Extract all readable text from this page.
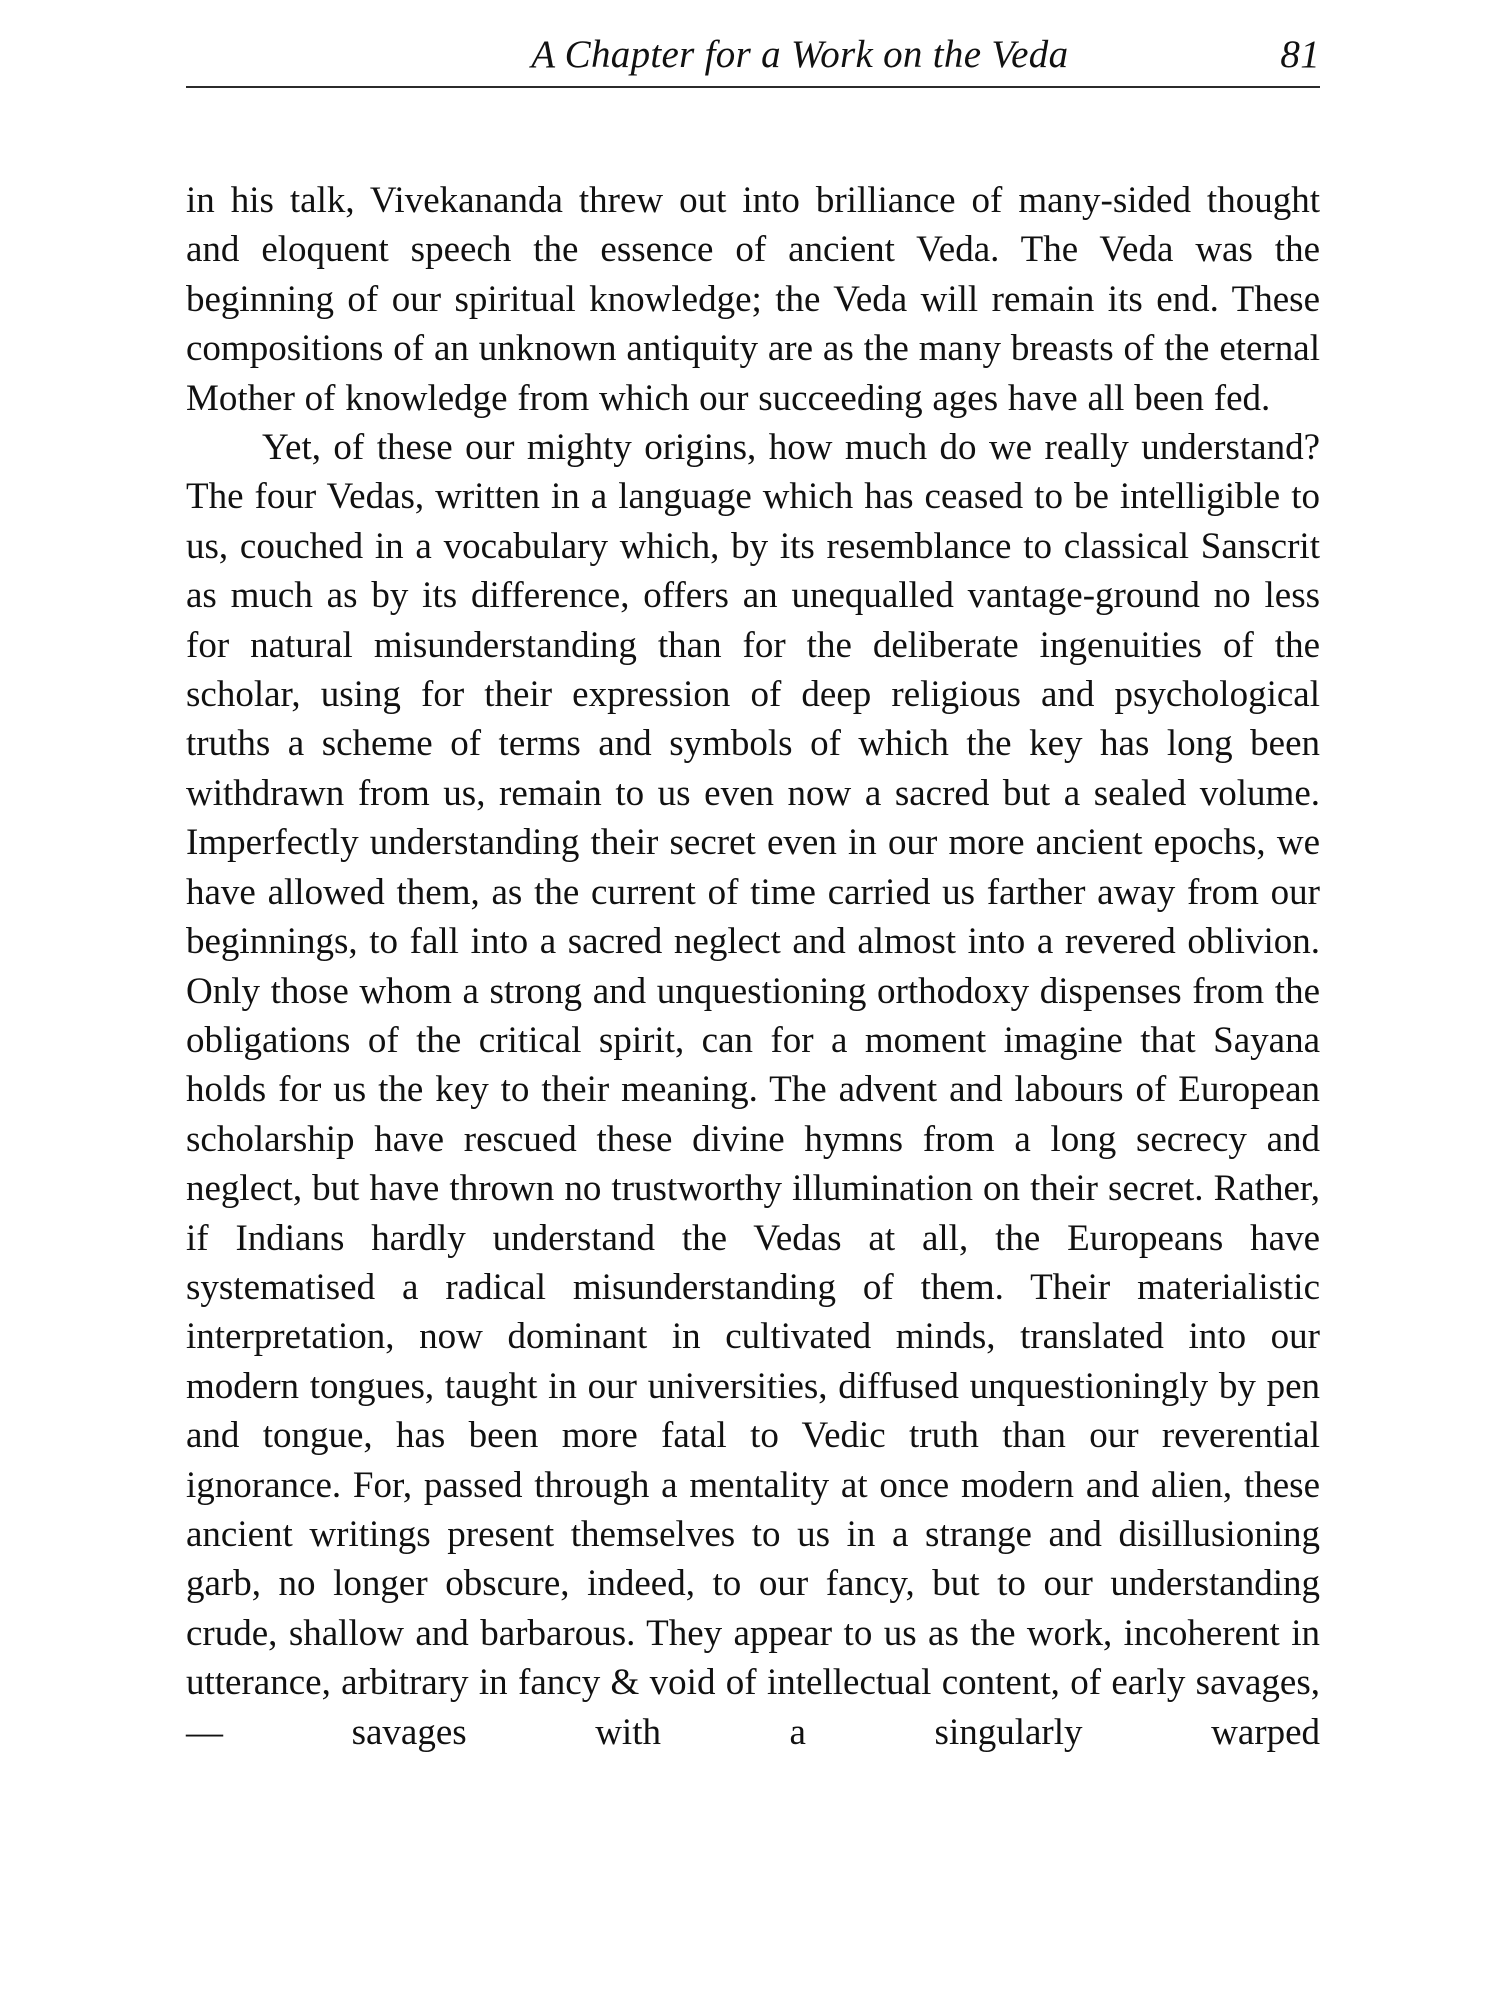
A Chapter for a Work on the Veda	81

in his talk, Vivekananda threw out into brilliance of many-sided thought and eloquent speech the essence of ancient Veda. The Veda was the beginning of our spiritual knowledge; the Veda will remain its end. These compositions of an unknown antiquity are as the many breasts of the eternal Mother of knowledge from which our succeeding ages have all been fed.

Yet, of these our mighty origins, how much do we really understand? The four Vedas, written in a language which has ceased to be intelligible to us, couched in a vocabulary which, by its resemblance to classical Sanscrit as much as by its difference, offers an unequalled vantage-ground no less for natural misunderstanding than for the deliberate ingenuities of the scholar, using for their expression of deep religious and psychological truths a scheme of terms and symbols of which the key has long been withdrawn from us, remain to us even now a sacred but a sealed volume. Imperfectly understanding their secret even in our more ancient epochs, we have allowed them, as the current of time carried us farther away from our beginnings, to fall into a sacred neglect and almost into a revered oblivion. Only those whom a strong and unquestioning orthodoxy dispenses from the obligations of the critical spirit, can for a moment imagine that Sayana holds for us the key to their meaning. The advent and labours of European scholarship have rescued these divine hymns from a long secrecy and neglect, but have thrown no trustworthy illumination on their secret. Rather, if Indians hardly understand the Vedas at all, the Europeans have systematised a radical misunderstanding of them. Their materialistic interpretation, now dominant in cultivated minds, translated into our modern tongues, taught in our universities, diffused unquestioningly by pen and tongue, has been more fatal to Vedic truth than our reverential ignorance. For, passed through a mentality at once modern and alien, these ancient writings present themselves to us in a strange and disillusioning garb, no longer obscure, indeed, to our fancy, but to our understanding crude, shallow and barbarous. They appear to us as the work, incoherent in utterance, arbitrary in fancy & void of intellectual content, of early savages, — savages with a singularly warped
